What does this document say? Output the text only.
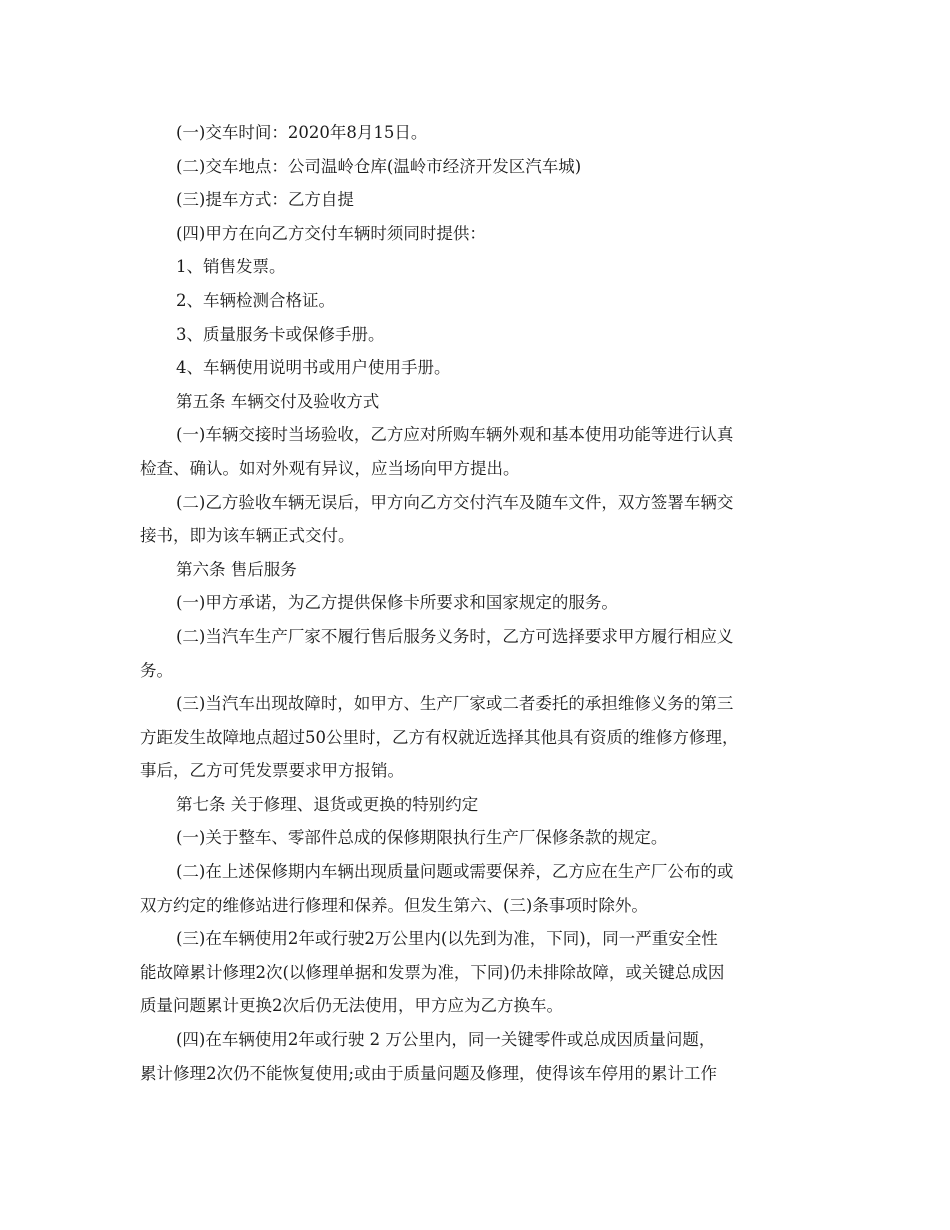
(一)交车时间：2020年8月15日。
(二)交车地点：公司温岭仓库(温岭市经济开发区汽车城)
(三)提车方式：乙方自提
(四)甲方在向乙方交付车辆时须同时提供：
1、销售发票。
2、车辆检测合格证。
3、质量服务卡或保修手册。
4、车辆使用说明书或用户使用手册。
第五条 车辆交付及验收方式
(一)车辆交接时当场验收，乙方应对所购车辆外观和基本使用功能等进行认真
检查、确认。如对外观有异议，应当场向甲方提出。
(二)乙方验收车辆无误后，甲方向乙方交付汽车及随车文件，双方签署车辆交
接书，即为该车辆正式交付。
第六条 售后服务
(一)甲方承诺，为乙方提供保修卡所要求和国家规定的服务。
(二)当汽车生产厂家不履行售后服务义务时，乙方可选择要求甲方履行相应义
务。
(三)当汽车出现故障时，如甲方、生产厂家或二者委托的承担维修义务的第三
方距发生故障地点超过50公里时，乙方有权就近选择其他具有资质的维修方修理，
事后，乙方可凭发票要求甲方报销。
第七条 关于修理、退货或更换的特别约定
(一)关于整车、零部件总成的保修期限执行生产厂保修条款的规定。
(二)在上述保修期内车辆出现质量问题或需要保养，乙方应在生产厂公布的或
双方约定的维修站进行修理和保养。但发生第六、(三)条事项时除外。
(三)在车辆使用2年或行驶2万公里内(以先到为准，下同)，同一严重安全性
能故障累计修理2次(以修理单据和发票为准，下同)仍未排除故障，或关键总成因
质量问题累计更换2次后仍无法使用，甲方应为乙方换车。
(四)在车辆使用2年或行驶 2 万公里内，同一关键零件或总成因质量问题，
累计修理2次仍不能恢复使用;或由于质量问题及修理，使得该车停用的累计工作
